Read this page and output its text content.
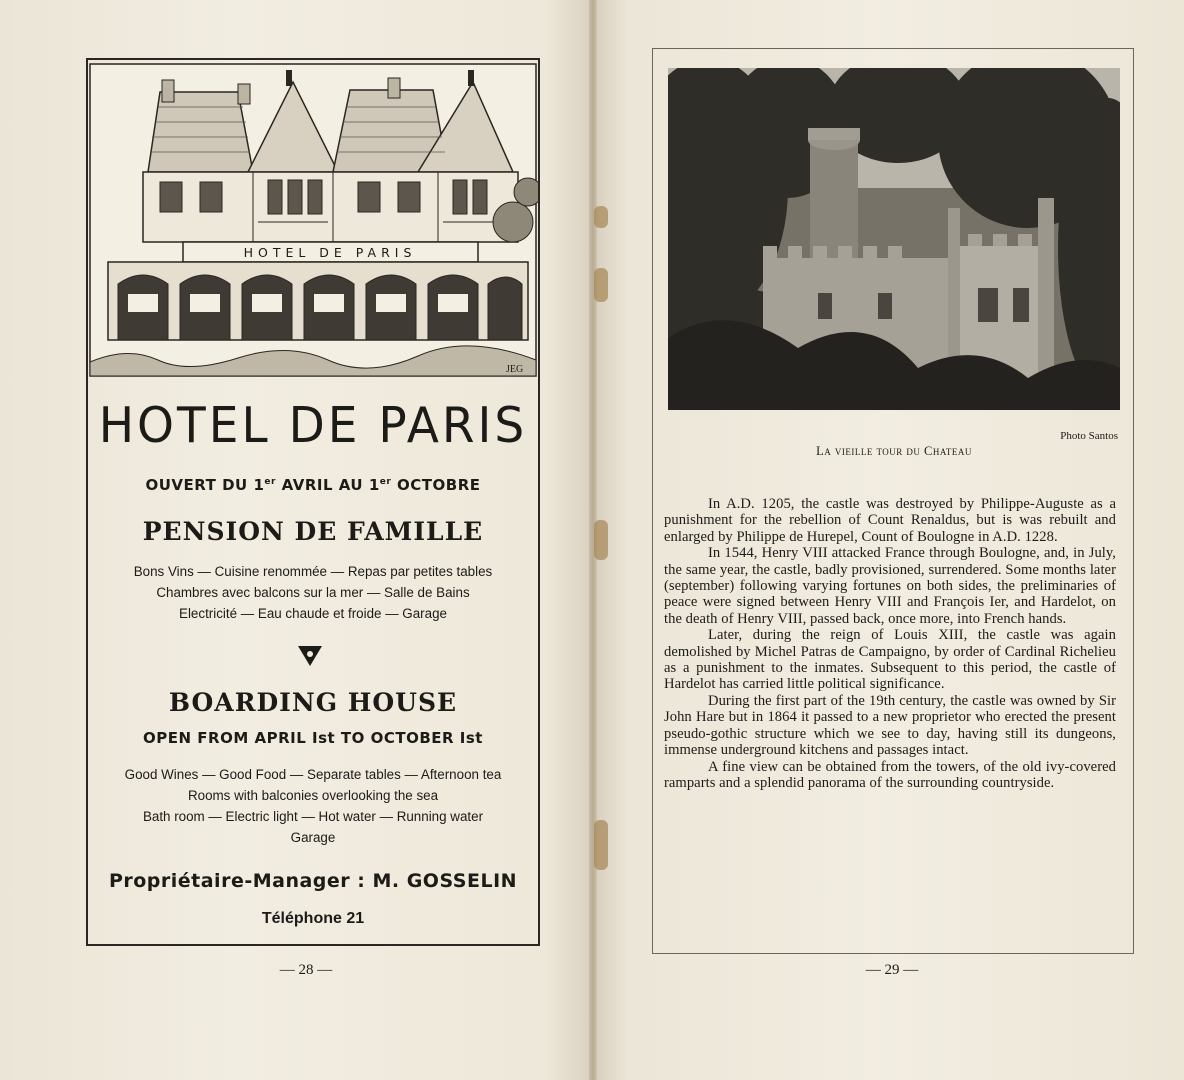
HOTEL DE PARIS
JEG
HOTEL DE PARIS
OUVERT DU 1er AVRIL AU 1er OCTOBRE
PENSION DE FAMILLE
Bons Vins — Cuisine renommée — Repas par petites tables
Chambres avec balcons sur la mer — Salle de Bains
Electricité — Eau chaude et froide — Garage
BOARDING HOUSE
OPEN FROM APRIL Ist TO OCTOBER Ist
Good Wines — Good Food — Separate tables — Afternoon tea
Rooms with balconies overlooking the sea
Bath room — Electric light — Hot water — Running water
Garage
Propriétaire-Manager : M. GOSSELIN
Téléphone 21
— 28 —
Photo Santos
La vieille tour du Chateau

In A.D. 1205, the castle was destroyed by Philippe-Auguste as a punishment for the rebellion of Count Renaldus, but is was rebuilt and enlarged by Philippe de Hurepel, Count of Boulogne in A.D. 1228.

In 1544, Henry VIII attacked France through Boulogne, and, in July, the same year, the castle, badly provisioned, surrendered. Some months later (september) following varying fortunes on both sides, the preliminaries of peace were signed between Henry VIII and François Ier, and Hardelot, on the death of Henry VIII, passed back, once more, into French hands.

Later, during the reign of Louis XIII, the castle was again demolished by Michel Patras de Campaigno, by order of Cardinal Richelieu as a punishment to the inmates. Subsequent to this period, the castle of Hardelot has carried little political significance.

During the first part of the 19th century, the castle was owned by Sir John Hare but in 1864 it passed to a new proprietor who erected the present pseudo-gothic structure which we see to day, having still its dungeons, immense underground kitchens and passages intact.

A fine view can be obtained from the towers, of the old ivy-covered ramparts and a splendid panorama of the surrounding countryside.

— 29 —
